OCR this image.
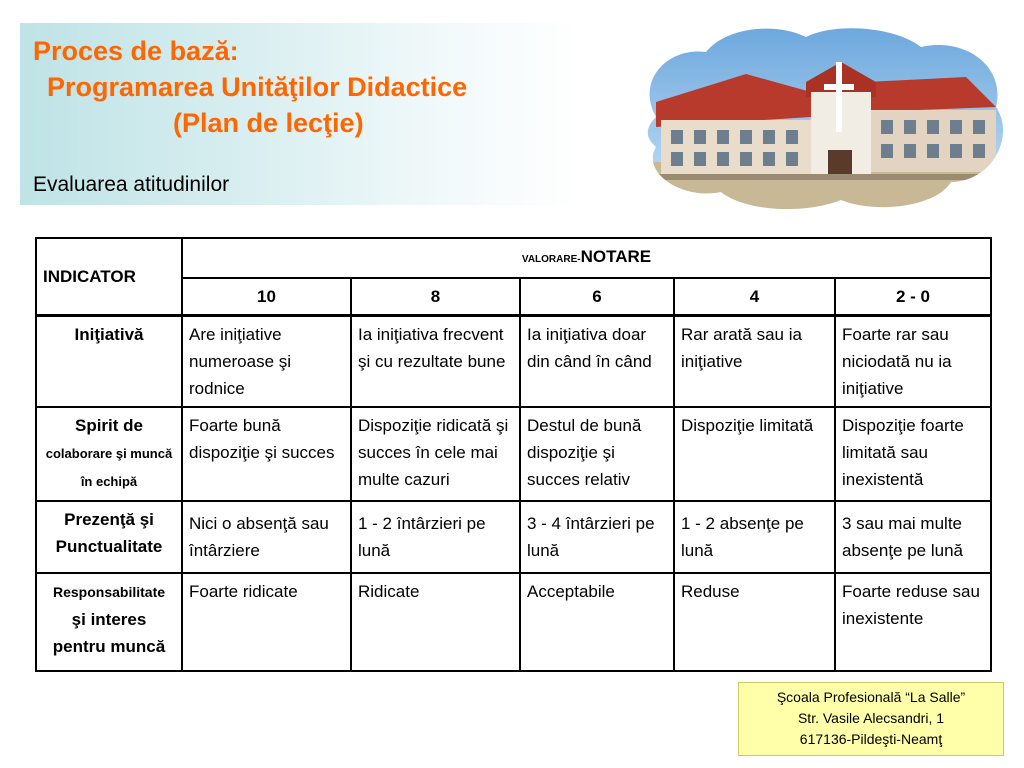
Proces de bază:
Programarea Unităţilor Didactice
(Plan de lecţie)
Evaluarea atitudinilor
INDICATOR	VALORARE-NOTARE				
	10	8	6	4	2 - 0
Iniţiativă	Are iniţiative numeroase şi rodnice	Ia iniţiativa frecvent şi cu rezultate bune	Ia iniţiativa doar din când în când	Rar arată sau ia iniţiative	Foarte rar sau niciodată nu ia iniţiative
Spirit de
colaborare şi muncă în echipă	Foarte bună dispoziţie şi succes	Dispoziţie ridicată şi succes în cele mai multe cazuri	Destul de bună dispoziţie şi succes relativ	Dispoziţie limitată	Dispoziţie foarte limitată sau inexistentă
Prezenţă şi Punctualitate	Nici o absenţă sau întârziere	1 - 2 întârzieri pe lună	3 - 4 întârzieri pe lună	1 - 2 absenţe pe lună	3 sau mai multe absenţe pe lună
Responsabilitate
şi interes pentru muncă	Foarte ridicate	Ridicate	Acceptabile	Reduse	Foarte reduse sau inexistente
Şcoala Profesională “La Salle”
Str. Vasile Alecsandri, 1
617136-Pildeşti-Neamţ
